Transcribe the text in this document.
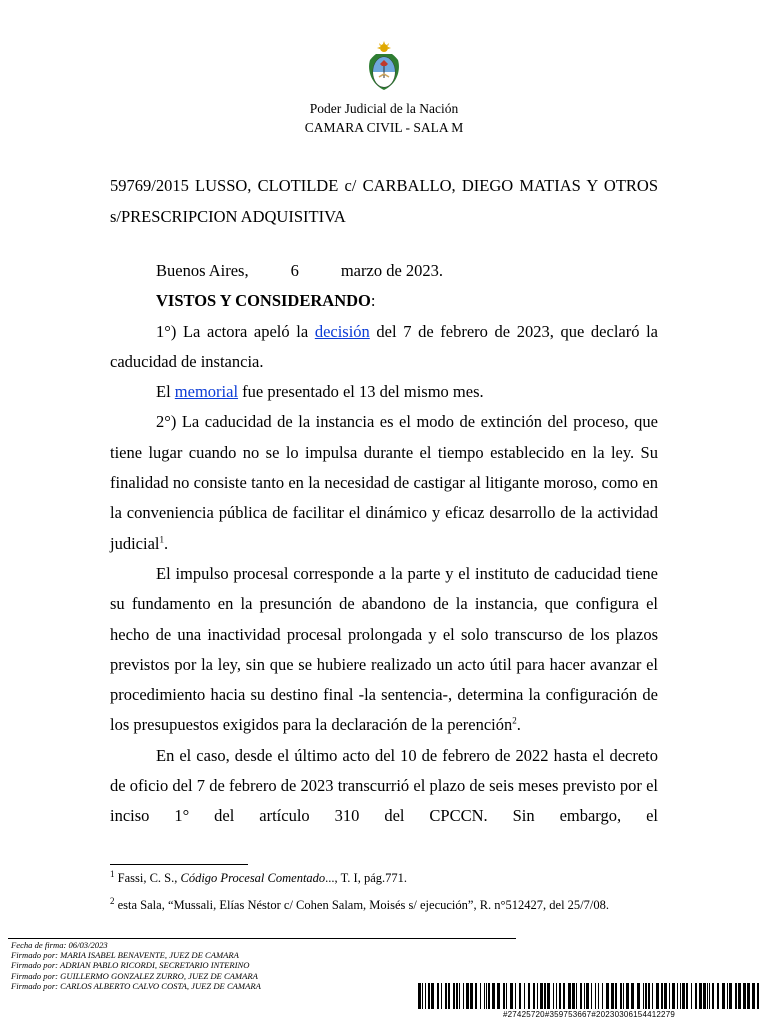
Poder Judicial de la Nación
CAMARA CIVIL - SALA M
59769/2015 LUSSO, CLOTILDE c/ CARBALLO, DIEGO MATIAS Y OTROS s/PRESCRIPCION ADQUISITIVA

Buenos Aires,	6	marzo de 2023.

VISTOS Y CONSIDERANDO:

1°) La actora apeló la decisión del 7 de febrero de 2023, que declaró la caducidad de instancia.

El memorial fue presentado el 13 del mismo mes.

2°) La caducidad de la instancia es el modo de extinción del proceso, que tiene lugar cuando no se lo impulsa durante el tiempo establecido en la ley. Su finalidad no consiste tanto en la necesidad de castigar al litigante moroso, como en la conveniencia pública de facilitar el dinámico y eficaz desarrollo de la actividad judicial$^1$.

El impulso procesal corresponde a la parte y el instituto de caducidad tiene su fundamento en la presunción de abandono de la instancia, que configura el hecho de una inactividad procesal prolongada y el solo transcurso de los plazos previstos por la ley, sin que se hubiere realizado un acto útil para hacer avanzar el procedimiento hacia su destino final -la sentencia-, determina la configuración de los presupuestos exigidos para la declaración de la perención$^2$.

En el caso, desde el último acto del 10 de febrero de 2022 hasta el decreto de oficio del 7 de febrero de 2023 transcurrió el plazo de seis meses previsto por el inciso 1° del artículo 310 del CPCCN. Sin embargo, el

$^1$ Fassi, C. S., Código Procesal Comentado..., T. I, pág.771.
$^2$ esta Sala, “Mussali, Elías Néstor c/ Cohen Salam, Moisés s/ ejecución”, R. n°512427, del 25/7/08.
Fecha de firma: 06/03/2023
Firmado por: MARIA ISABEL BENAVENTE, JUEZ DE CAMARA
Firmado por: ADRIAN PABLO RICORDI, SECRETARIO INTERINO
Firmado por: GUILLERMO GONZALEZ ZURRO, JUEZ DE CAMARA
Firmado por: CARLOS ALBERTO CALVO COSTA, JUEZ DE CAMARA
#27425720#359753667#20230306154412279
